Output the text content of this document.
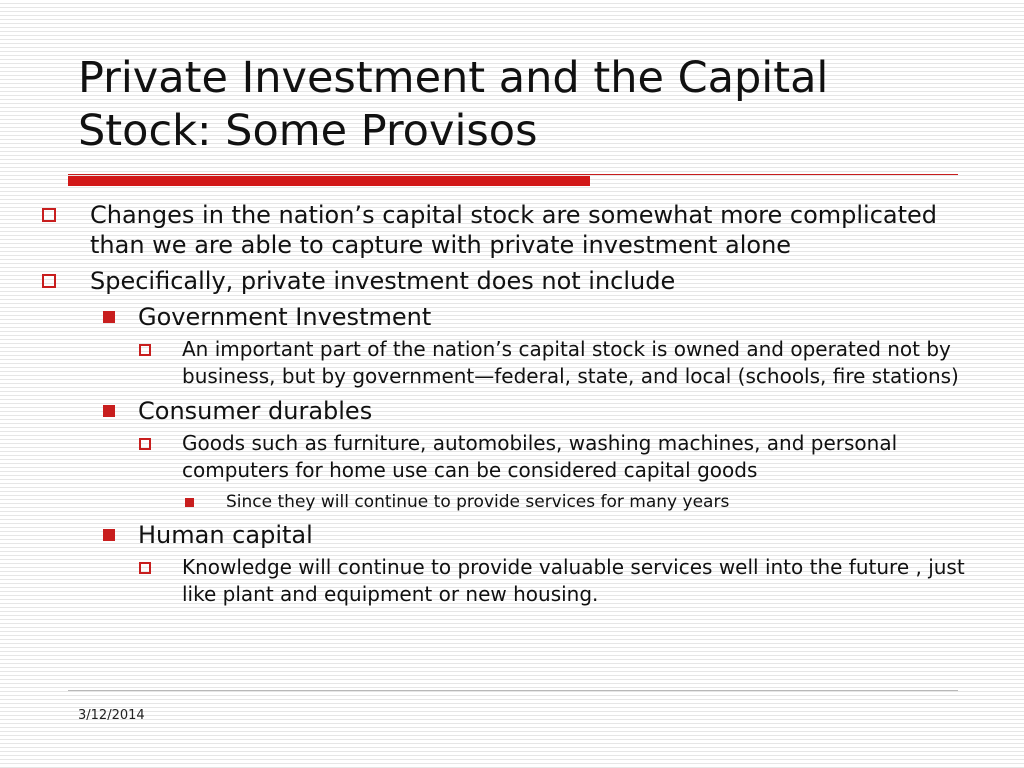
Private Investment and the Capital
Stock: Some Provisos
Changes in the nation’s capital stock are somewhat more complicated than we are able to capture with private investment alone
Specifically, private investment does not include
Government Investment
An important part of the nation’s capital stock is owned and operated not by business, but by government—federal, state, and local (schools, fire stations)
Consumer durables
Goods such as furniture, automobiles, washing machines, and personal computers for home use can be considered capital goods
Since they will continue to provide services for many years
Human capital
Knowledge will continue to provide valuable services well into the future , just like plant and equipment or new housing.
3/12/2014
